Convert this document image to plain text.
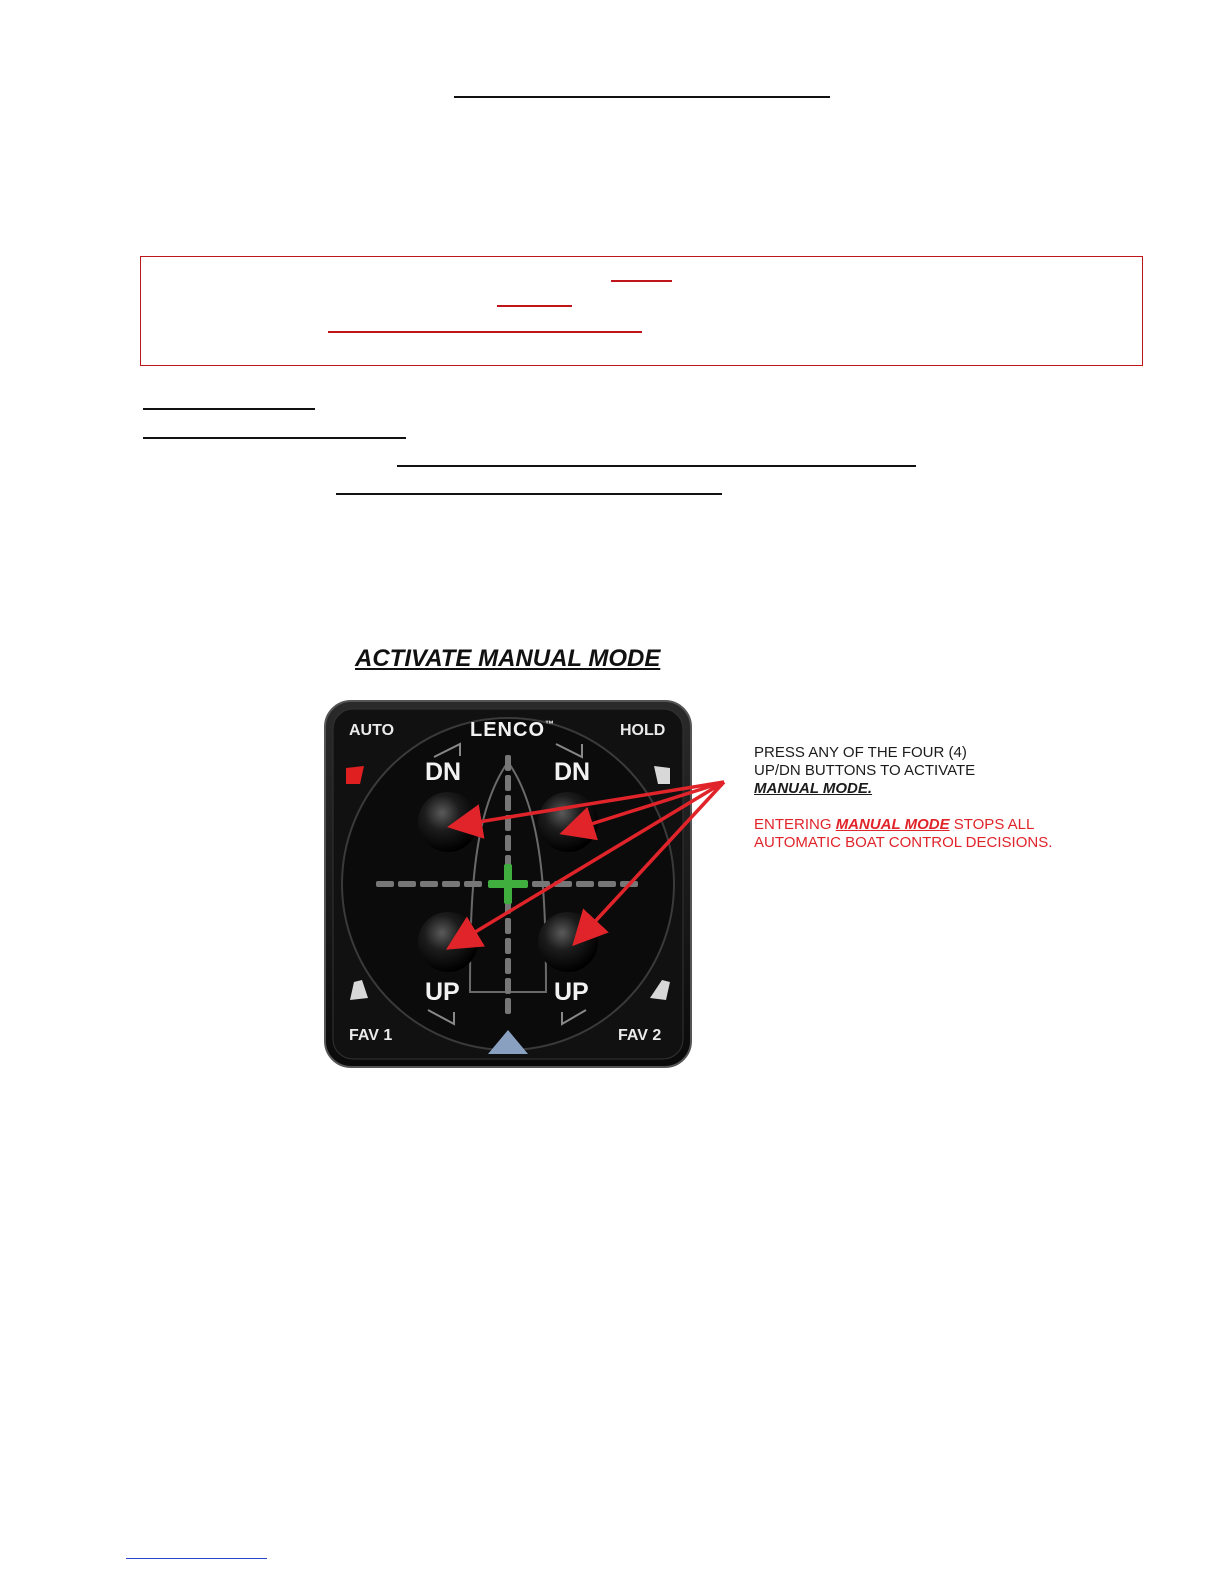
ACTIVATE MANUAL MODE
AUTO	HOLD
FAV 1	FAV 2
LENCO™
DN	DN
UP	UP

PRESS ANY OF THE FOUR (4)

UP/DN BUTTONS TO ACTIVATE

MANUAL MODE.

ENTERING MANUAL MODE STOPS ALL AUTOMATIC BOAT CONTROL DECISIONS.
